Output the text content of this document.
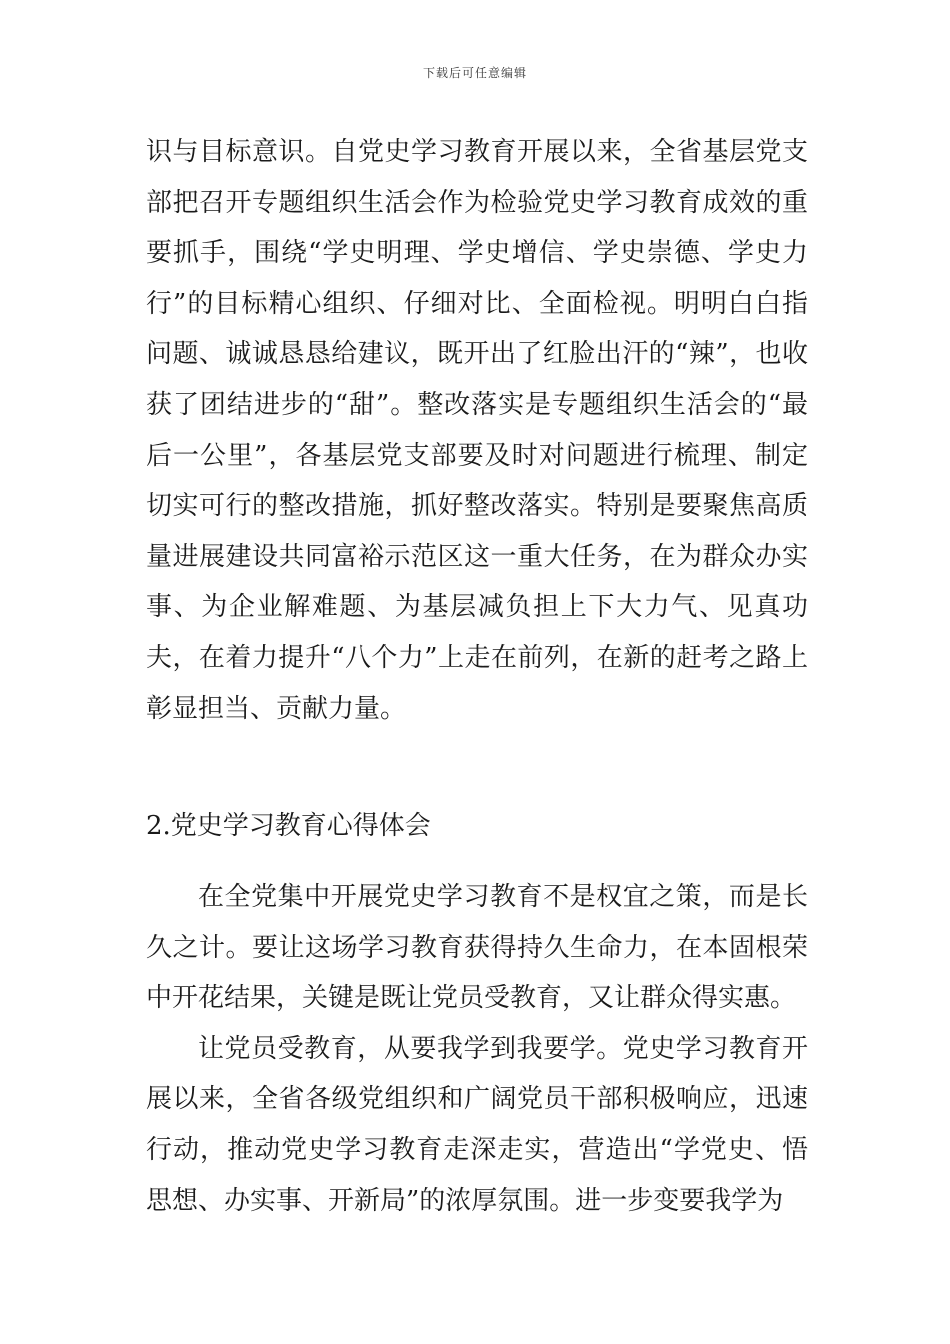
下载后可任意编辑

识与目标意识。自党史学习教育开展以来，全省基层党支部把召开专题组织生活会作为检验党史学习教育成效的重要抓手，围绕“学史明理、学史增信、学史崇德、学史力行”的目标精心组织、仔细对比、全面检视。明明白白指问题、诚诚恳恳给建议，既开出了红脸出汗的“辣”，也收获了团结进步的“甜”。整改落实是专题组织生活会的“最后一公里”，各基层党支部要及时对问题进行梳理、制定切实可行的整改措施，抓好整改落实。特别是要聚焦高质量进展建设共同富裕示范区这一重大任务，在为群众办实事、为企业解难题、为基层减负担上下大力气、见真功夫，在着力提升“八个力”上走在前列，在新的赶考之路上彰显担当、贡献力量。

2.党史学习教育心得体会

在全党集中开展党史学习教育不是权宜之策，而是长久之计。要让这场学习教育获得持久生命力，在本固根荣中开花结果，关键是既让党员受教育，又让群众得实惠。

让党员受教育，从要我学到我要学。党史学习教育开展以来，全省各级党组织和广阔党员干部积极响应，迅速行动，推动党史学习教育走深走实，营造出“学党史、悟思想、办实事、开新局”的浓厚氛围。进一步变要我学为
